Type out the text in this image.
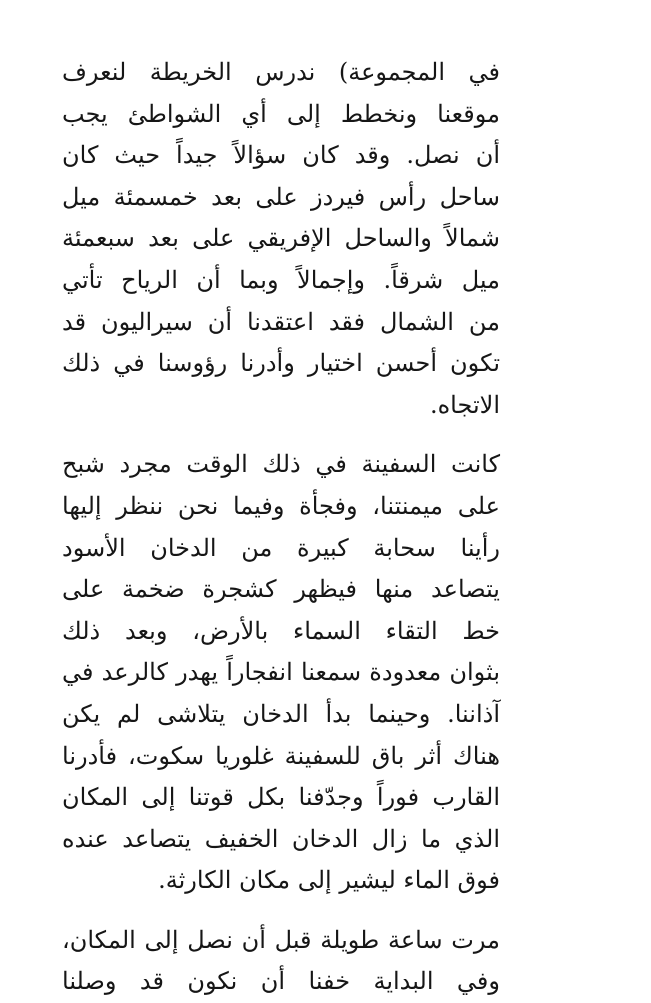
في المجموعة) ندرس الخريطة لنعرف
موقعنا ونخطط إلى أي الشواطئ يجب
أن نصل. وقد كان سؤالاً جيداً حيث كان
ساحل رأس فيردز على بعد خمسمئة ميل
شمالاً والساحل الإفريقي على بعد سبعمئة
ميل شرقاً. وإجمالاً وبما أن الرياح تأتي
من الشمال فقد اعتقدنا أن سيراليون قد
تكون أحسن اختيار وأدرنا رؤوسنا في ذلك
الاتجاه.

كانت السفينة في ذلك الوقت مجرد شبح
على ميمنتنا، وفجأة وفيما نحن ننظر إليها
رأينا سحابة كبيرة من الدخان الأسود
يتصاعد منها فيظهر كشجرة ضخمة على
خط التقاء السماء بالأرض، وبعد ذلك
بثوان معدودة سمعنا انفجاراً يهدر كالرعد في
آذاننا. وحينما بدأ الدخان يتلاشى لم يكن
هناك أثر باق للسفينة غلوريا سكوت، فأدرنا
القارب فوراً وجدّفنا بكل قوتنا إلى المكان
الذي ما زال الدخان الخفيف يتصاعد عنده
فوق الماء ليشير إلى مكان الكارثة.

مرت ساعة طويلة قبل أن نصل إلى المكان،
وفي البداية خفنا أن نكون قد وصلنا
